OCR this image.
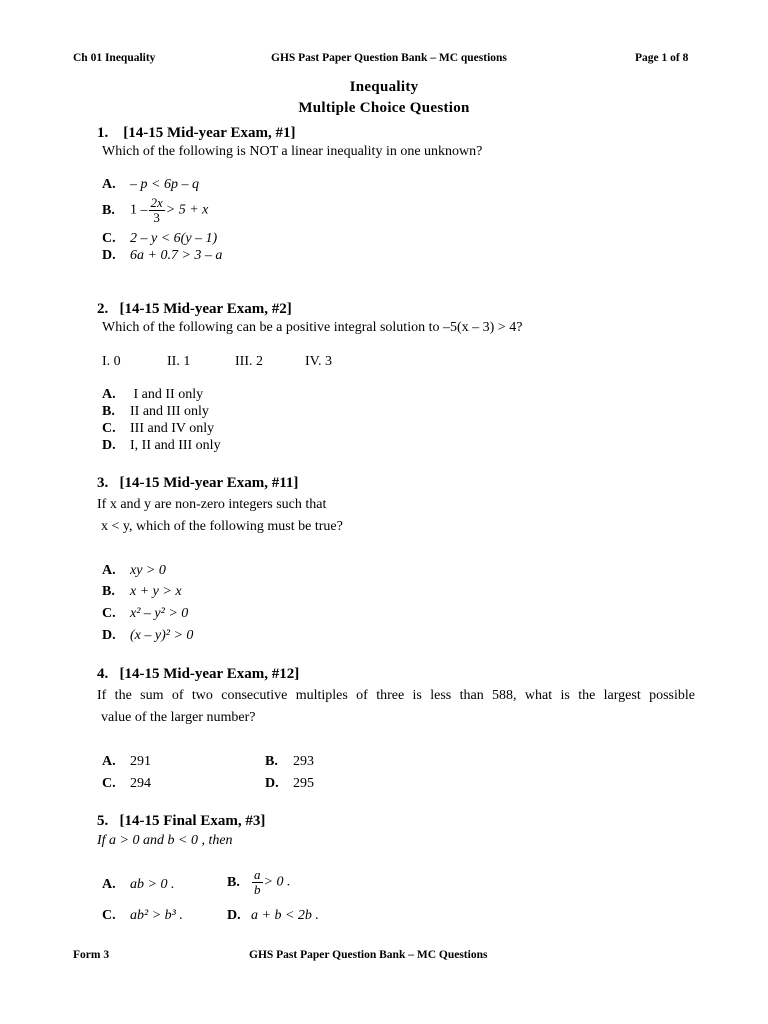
Ch 01 Inequality	GHS Past Paper Question Bank – MC questions	Page 1 of 8
Inequality
Multiple Choice Question
1. [14-15 Mid-year Exam, #1]
Which of the following is NOT a linear inequality in one unknown?
A. – p < 6p – q
B. $1 - \frac{2x}{3} > 5 + x$
C. 2 – y < 6(y – 1)
D. 6a + 0.7 > 3 – a
2. [14-15 Mid-year Exam, #2]
Which of the following can be a positive integral solution to –5(x – 3) > 4?
I. 0	II. 1	III. 2	IV. 3
A. I and II only
B. II and III only
C. III and IV only
D. I, II and III only
3. [14-15 Mid-year Exam, #11]
If x and y are non-zero integers such that
x < y, which of the following must be true?
A. xy > 0
B. x + y > x
C. x² – y² > 0
D. (x – y)² > 0
4. [14-15 Mid-year Exam, #12]
If the sum of two consecutive multiples of three is less than 588, what is the largest possible
value of the larger number?
A. 291	B. 293
C. 294	D. 295
5. [14-15 Final Exam, #3]
If a > 0 and b < 0 , then
A. ab > 0 .	B. $\frac{a}{b} > 0$ .
C. ab² > b³ .	D. a + b < 2b .
Form 3	GHS Past Paper Question Bank – MC Questions
